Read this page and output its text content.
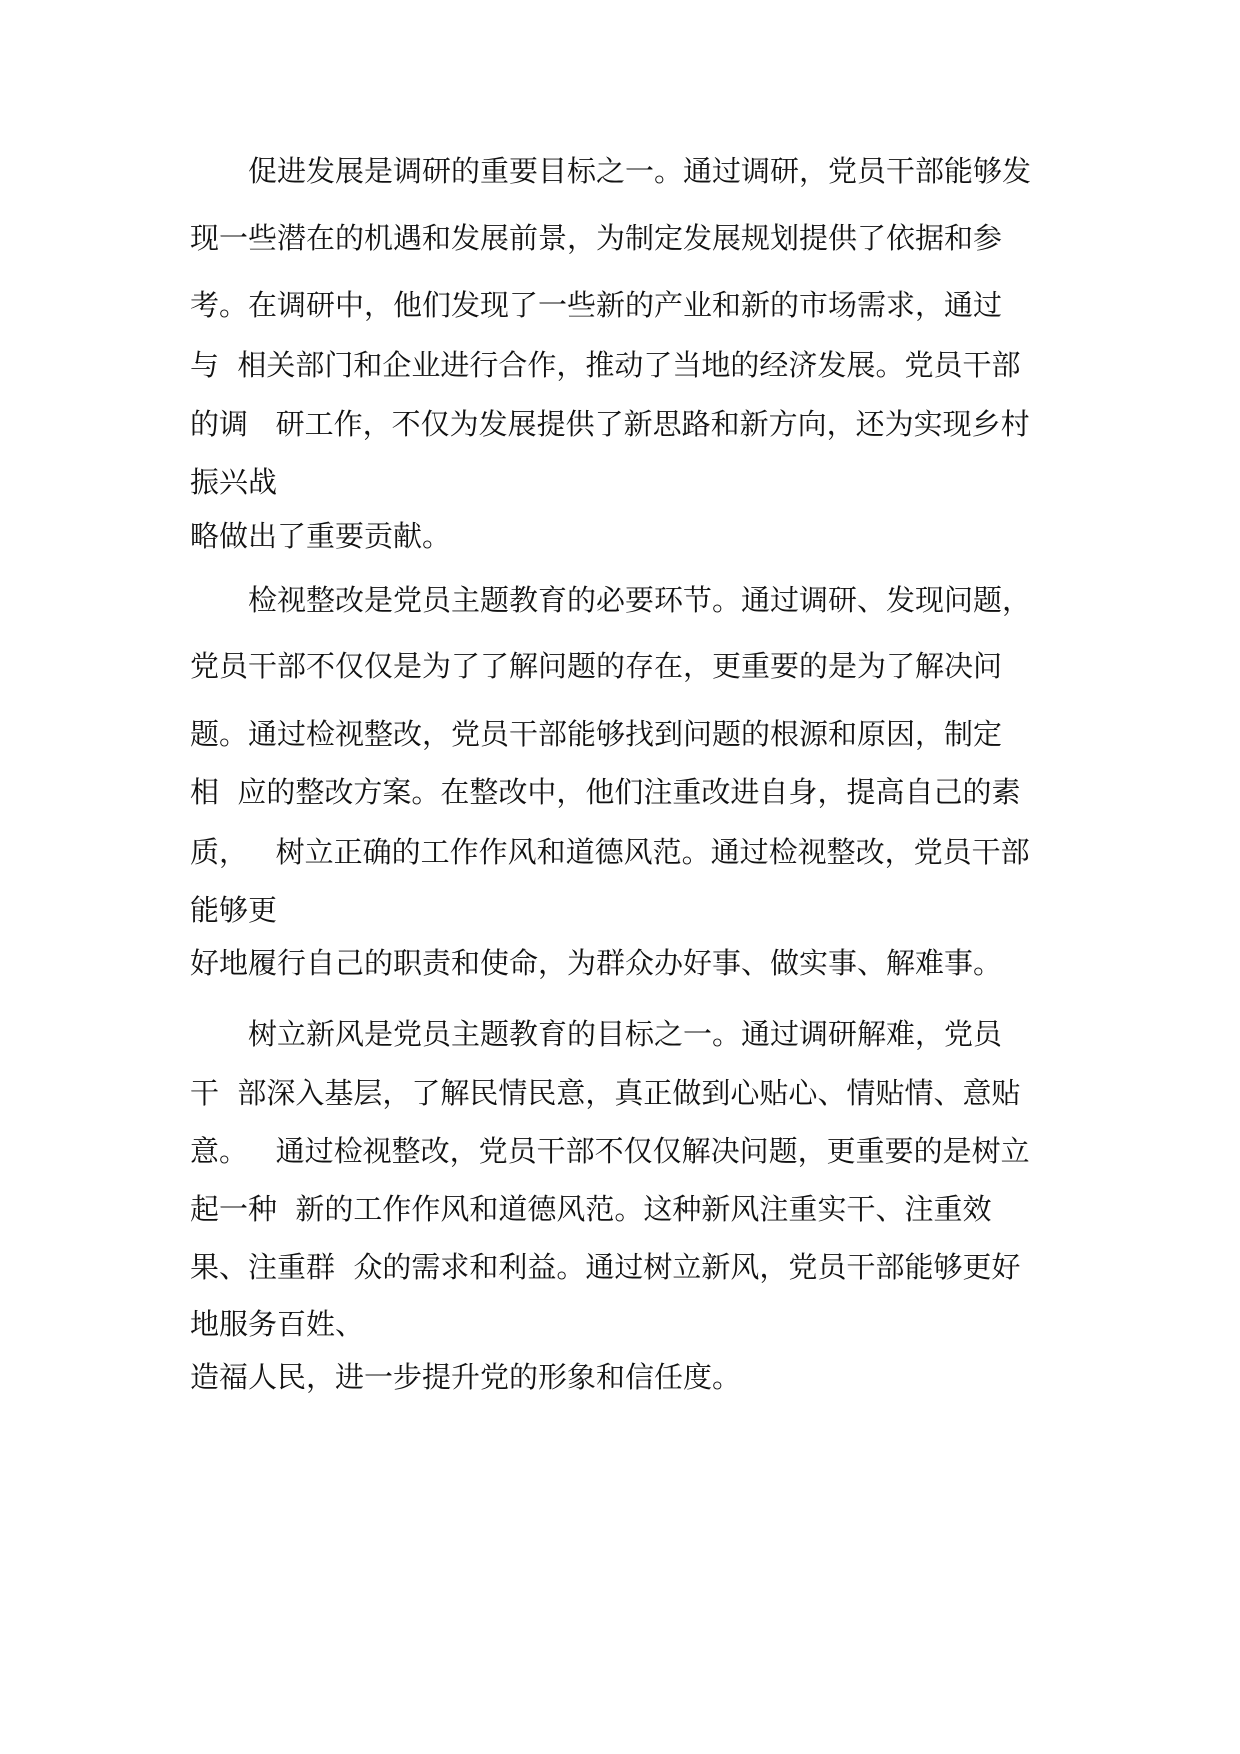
促进发展是调研的重要目标之一。通过调研，党员干部能够发
现一些潜在的机遇和发展前景，为制定发展规划提供了依据和参
考。在调研中，他们发现了一些新的产业和新的市场需求，通过
与  相关部门和企业进行合作，推动了当地的经济发展。党员干部
的调   研工作，不仅为发展提供了新思路和新方向，还为实现乡村
振兴战
略做出了重要贡献。
检视整改是党员主题教育的必要环节。通过调研、发现问题，
党员干部不仅仅是为了了解问题的存在，更重要的是为了解决问
题。通过检视整改，党员干部能够找到问题的根源和原因，制定
相  应的整改方案。在整改中，他们注重改进自身，提高自己的素
质，   树立正确的工作作风和道德风范。通过检视整改，党员干部
能够更
好地履行自己的职责和使命，为群众办好事、做实事、解难事。
树立新风是党员主题教育的目标之一。通过调研解难，党员
干  部深入基层，了解民情民意，真正做到心贴心、情贴情、意贴
意。   通过检视整改，党员干部不仅仅解决问题，更重要的是树立
起一种  新的工作作风和道德风范。这种新风注重实干、注重效
果、注重群  众的需求和利益。通过树立新风，党员干部能够更好
地服务百姓、
造福人民，进一步提升党的形象和信任度。
